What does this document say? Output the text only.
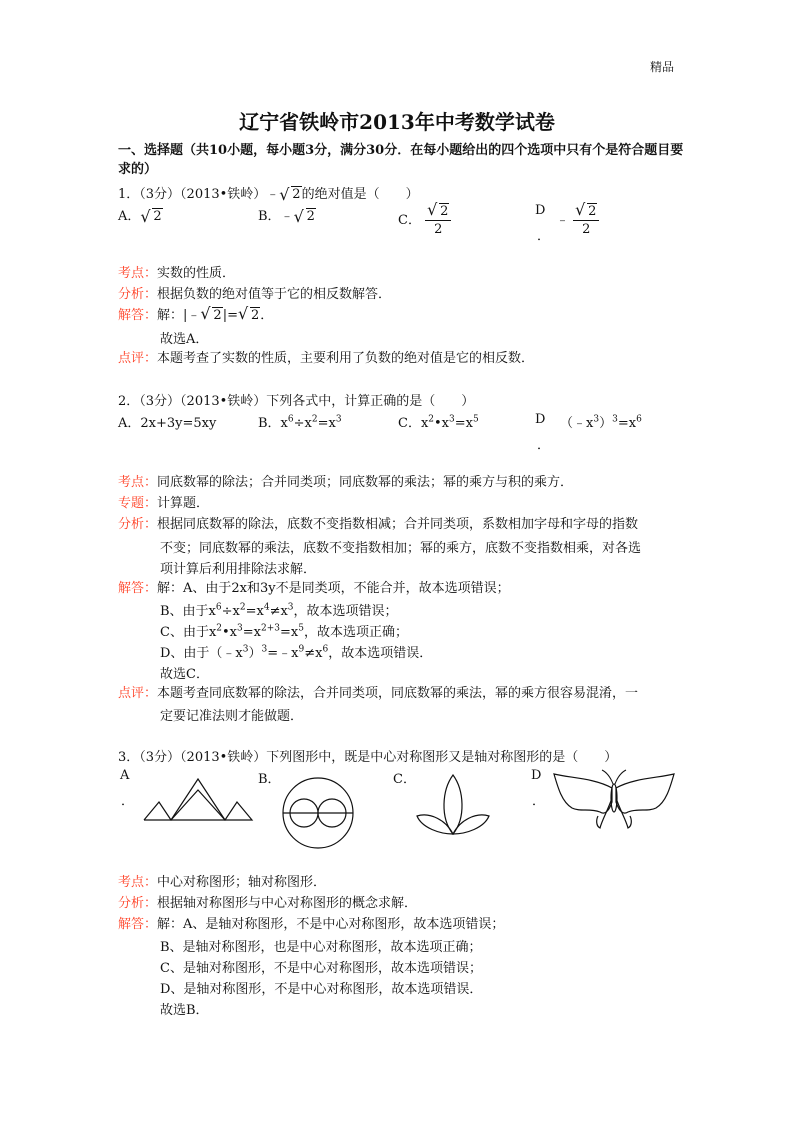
精品
辽宁省铁岭市2013年中考数学试卷
一、选择题（共10小题，每小题3分，满分30分．在每小题给出的四个选项中只有个是符合题目要求的）
1．（3分）（2013•铁岭）﹣ √ 2的绝对值是（　　）
A． √ 2	B．﹣ √ 2	C． √ $\frac{2}{2}$	D
．
﹣ √ $\frac{2}{2}$
考点：实数的性质．
分析：根据负数的绝对值等于它的相反数解答．
解答：解：|﹣ √ 2|= √ 2．
故选A．
点评：本题考查了实数的性质，主要利用了负数的绝对值是它的相反数．
2．（3分）（2013•铁岭）下列各式中，计算正确的是（　　）
A．2x+3y=5xy	B．$x^6\div x^2=x^3$	C．$x^2•x^3=x^5$	D
．
$(﹣x^3)^3=x^6$
考点：同底数幂的除法；合并同类项；同底数幂的乘法；幂的乘方与积的乘方．
专题：计算题．
分析：根据同底数幂的除法，底数不变指数相减；合并同类项，系数相加字母和字母的指数
不变；同底数幂的乘法，底数不变指数相加；幂的乘方，底数不变指数相乘，对各选
项计算后利用排除法求解．
解答：解：A、由于2x和3y不是同类项，不能合并，故本选项错误；
B、由于$x^6\div x^2=x^4\ne x^3$，故本选项错误；
C、由于$x^2•x^3=x^{2+3}=x^5$，故本选项正确；
D、由于$(﹣x^3)^3=﹣x^9\ne x^6$，故本选项错误．
故选C．
点评：本题考查同底数幂的除法，合并同类项，同底数幂的乘法，幂的乘方很容易混淆，一
定要记准法则才能做题．
3．（3分）（2013•铁岭）下列图形中，既是中心对称图形又是轴对称图形的是（　　）
A
．
B．	C．	D
．
考点：中心对称图形；轴对称图形．
分析：根据轴对称图形与中心对称图形的概念求解．
解答：解：A、是轴对称图形，不是中心对称图形，故本选项错误；
B、是轴对称图形，也是中心对称图形，故本选项正确；
C、是轴对称图形，不是中心对称图形，故本选项错误；
D、是轴对称图形，不是中心对称图形，故本选项错误．
故选B．
